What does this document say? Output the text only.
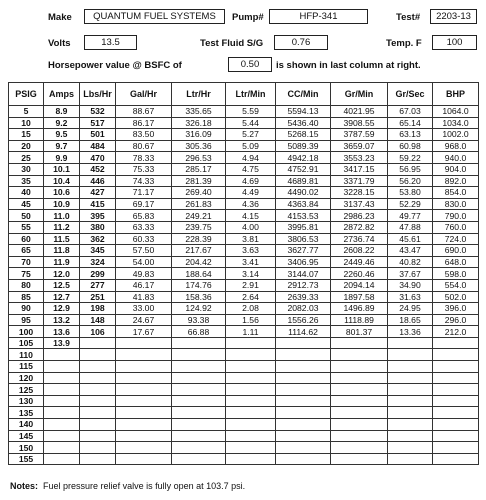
Make	QUANTUM FUEL SYSTEMS	Pump#	HFP-341	Test#	2203-13
Volts	13.5	Test Fluid S/G	0.76	Temp. F	100
Horsepower value @ BSFC of	0.50	is shown in last column at right.
PSIG	Amps	Lbs/Hr	Gal/Hr	Ltr/Hr	Ltr/Min	CC/Min	Gr/Min	Gr/Sec	BHP
5	8.9	532	88.67	335.65	5.59	5594.13	4021.95	67.03	1064.0
10	9.2	517	86.17	326.18	5.44	5436.40	3908.55	65.14	1034.0
15	9.5	501	83.50	316.09	5.27	5268.15	3787.59	63.13	1002.0
20	9.7	484	80.67	305.36	5.09	5089.39	3659.07	60.98	968.0
25	9.9	470	78.33	296.53	4.94	4942.18	3553.23	59.22	940.0
30	10.1	452	75.33	285.17	4.75	4752.91	3417.15	56.95	904.0
35	10.4	446	74.33	281.39	4.69	4689.81	3371.79	56.20	892.0
40	10.6	427	71.17	269.40	4.49	4490.02	3228.15	53.80	854.0
45	10.9	415	69.17	261.83	4.36	4363.84	3137.43	52.29	830.0
50	11.0	395	65.83	249.21	4.15	4153.53	2986.23	49.77	790.0
55	11.2	380	63.33	239.75	4.00	3995.81	2872.82	47.88	760.0
60	11.5	362	60.33	228.39	3.81	3806.53	2736.74	45.61	724.0
65	11.8	345	57.50	217.67	3.63	3627.77	2608.22	43.47	690.0
70	11.9	324	54.00	204.42	3.41	3406.95	2449.46	40.82	648.0
75	12.0	299	49.83	188.64	3.14	3144.07	2260.46	37.67	598.0
80	12.5	277	46.17	174.76	2.91	2912.73	2094.14	34.90	554.0
85	12.7	251	41.83	158.36	2.64	2639.33	1897.58	31.63	502.0
90	12.9	198	33.00	124.92	2.08	2082.03	1496.89	24.95	396.0
95	13.2	148	24.67	93.38	1.56	1556.26	1118.89	18.65	296.0
100	13.6	106	17.67	66.88	1.11	1114.62	801.37	13.36	212.0
105	13.9								
110									
115									
120									
125									
130									
135									
140									
145									
150									
155									
Notes: Fuel pressure relief valve is fully open at 103.7 psi.
